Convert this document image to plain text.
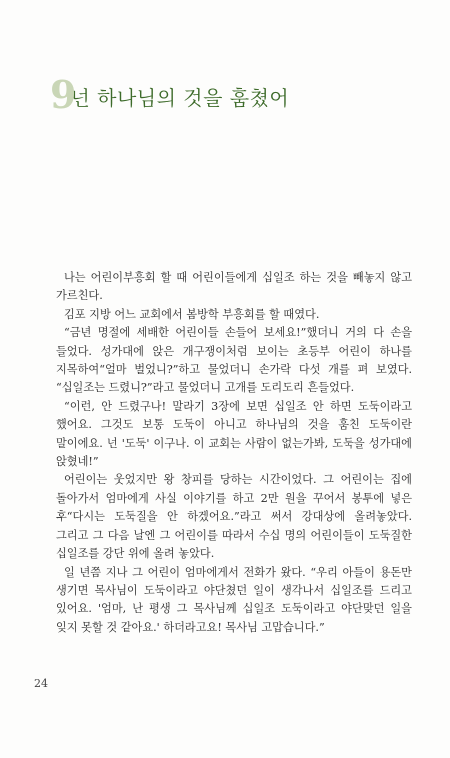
9
넌 하나님의 것을 훔쳤어

나는 어린이부흥회 할 때 어린이들에게 십일조 하는 것을 빼놓지 않고 가르친다.

김포 지방 어느 교회에서 봄방학 부흥회를 할 때였다.

“금년 명절에 세배한 어린이들 손들어 보세요!”했더니 거의 다 손을 들었다. 성가대에 앉은 개구쟁이처럼 보이는 초등부 어린이 하나를 지목하여“얼마 벌었니?”하고 물었더니 손가락 다섯 개를 펴 보였다. “십일조는 드렸니?”라고 물었더니 고개를 도리도리 흔들었다.

“이런, 안 드렸구나! 말라기 3장에 보면 십일조 안 하면 도둑이라고 했어요. 그것도 보통 도둑이 아니고 하나님의 것을 훔친 도둑이란 말이에요. 넌 '도둑' 이구나. 이 교회는 사람이 없는가봐, 도둑을 성가대에 앉혔네!”

어린이는 웃었지만 왕 창피를 당하는 시간이었다. 그 어린이는 집에 돌아가서 엄마에게 사실 이야기를 하고 2만 원을 꾸어서 봉투에 넣은 후“다시는 도둑질을 안 하겠어요.”라고 써서 강대상에 올려놓았다. 그리고 그 다음 날엔 그 어린이를 따라서 수십 명의 어린이들이 도둑질한 십일조를 강단 위에 올려 놓았다.

일 년쯤 지나 그 어린이 엄마에게서 전화가 왔다. “우리 아들이 용돈만 생기면 목사님이 도둑이라고 야단쳤던 일이 생각나서 십일조를 드리고 있어요. '엄마, 난 평생 그 목사님께 십일조 도둑이라고 야단맞던 일을 잊지 못할 것 같아요.' 하더라고요! 목사님 고맙습니다.”

24
